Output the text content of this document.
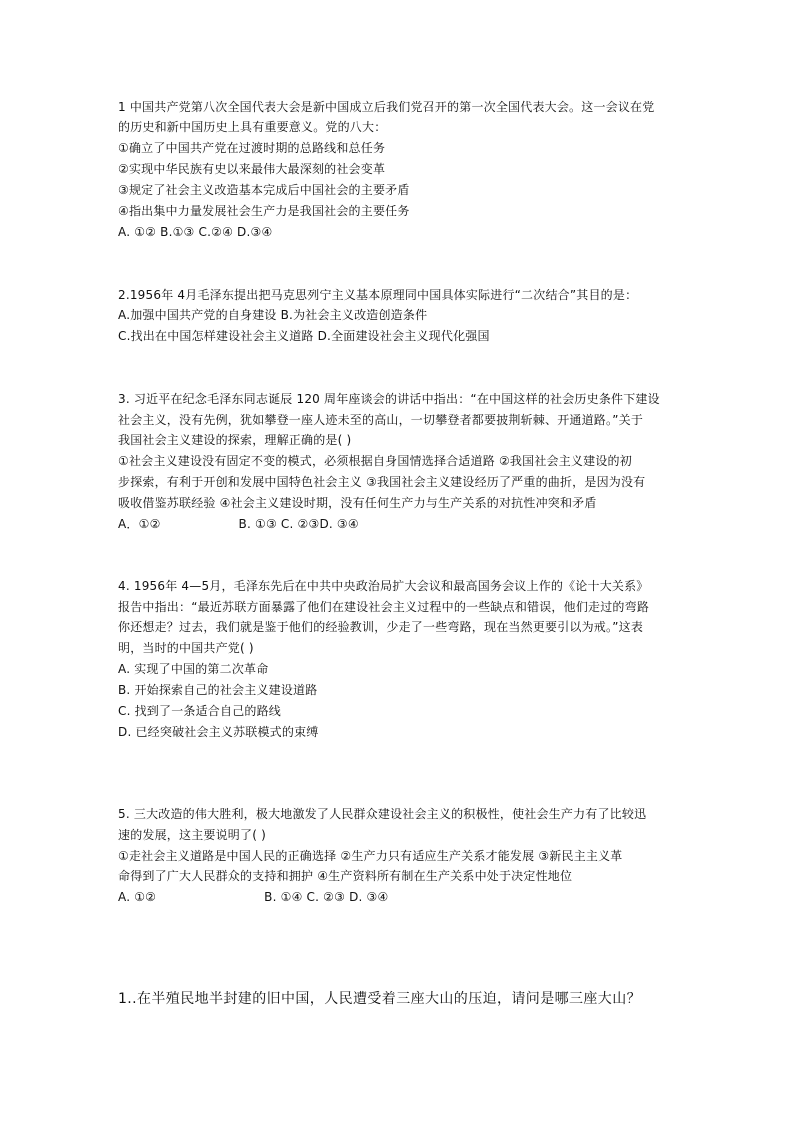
1 中国共产党第八次全国代表大会是新中国成立后我们党召开的第一次全国代表大会。这一会议在党
的历史和新中国历史上具有重要意义。党的八大：
①确立了中国共产党在过渡时期的总路线和总任务
②实现中华民族有史以来最伟大最深刻的社会变革
③规定了社会主义改造基本完成后中国社会的主要矛盾
④指出集中力量发展社会生产力是我国社会的主要任务
A. ①② B.①③ C.②④ D.③④
2.1956年 4月毛泽东提出把马克思列宁主义基本原理同中国具体实际进行“二次结合”其目的是：
A.加强中国共产党的自身建设 B.为社会主义改造创造条件
C.找出在中国怎样建设社会主义道路 D.全面建设社会主义现代化强国
3. 习近平在纪念毛泽东同志诞辰 120 周年座谈会的讲话中指出：“在中国这样的社会历史条件下建设
社会主义，没有先例，犹如攀登一座人迹未至的高山，一切攀登者都要披荆斩棘、开通道路。”关于
我国社会主义建设的探索，理解正确的是( )
①社会主义建设没有固定不变的模式，必须根据自身国情选择合适道路 ②我国社会主义建设的初
步探索，有利于开创和发展中国特色社会主义 ③我国社会主义建设经历了严重的曲折，是因为没有
吸收借鉴苏联经验 ④社会主义建设时期，没有任何生产力与生产关系的对抗性冲突和矛盾
A．①②	B. ①③ C. ②③D. ③④
4. 1956年 4—5月，毛泽东先后在中共中央政治局扩大会议和最高国务会议上作的《论十大关系》
报告中指出：“最近苏联方面暴露了他们在建设社会主义过程中的一些缺点和错误，他们走过的弯路
你还想走？过去，我们就是鉴于他们的经验教训，少走了一些弯路，现在当然更要引以为戒。”这表
明，当时的中国共产党( )
A. 实现了中国的第二次革命
B. 开始探索自己的社会主义建设道路
C. 找到了一条适合自己的路线
D. 已经突破社会主义苏联模式的束缚
5. 三大改造的伟大胜利，极大地激发了人民群众建设社会主义的积极性，使社会生产力有了比较迅
速的发展，这主要说明了( )
①走社会主义道路是中国人民的正确选择 ②生产力只有适应生产关系才能发展 ③新民主主义革
命得到了广大人民群众的支持和拥护 ④生产资料所有制在生产关系中处于决定性地位
A. ①②	B. ①④ C. ②③ D. ③④
1..在半殖民地半封建的旧中国，人民遭受着三座大山的压迫，请问是哪三座大山？
